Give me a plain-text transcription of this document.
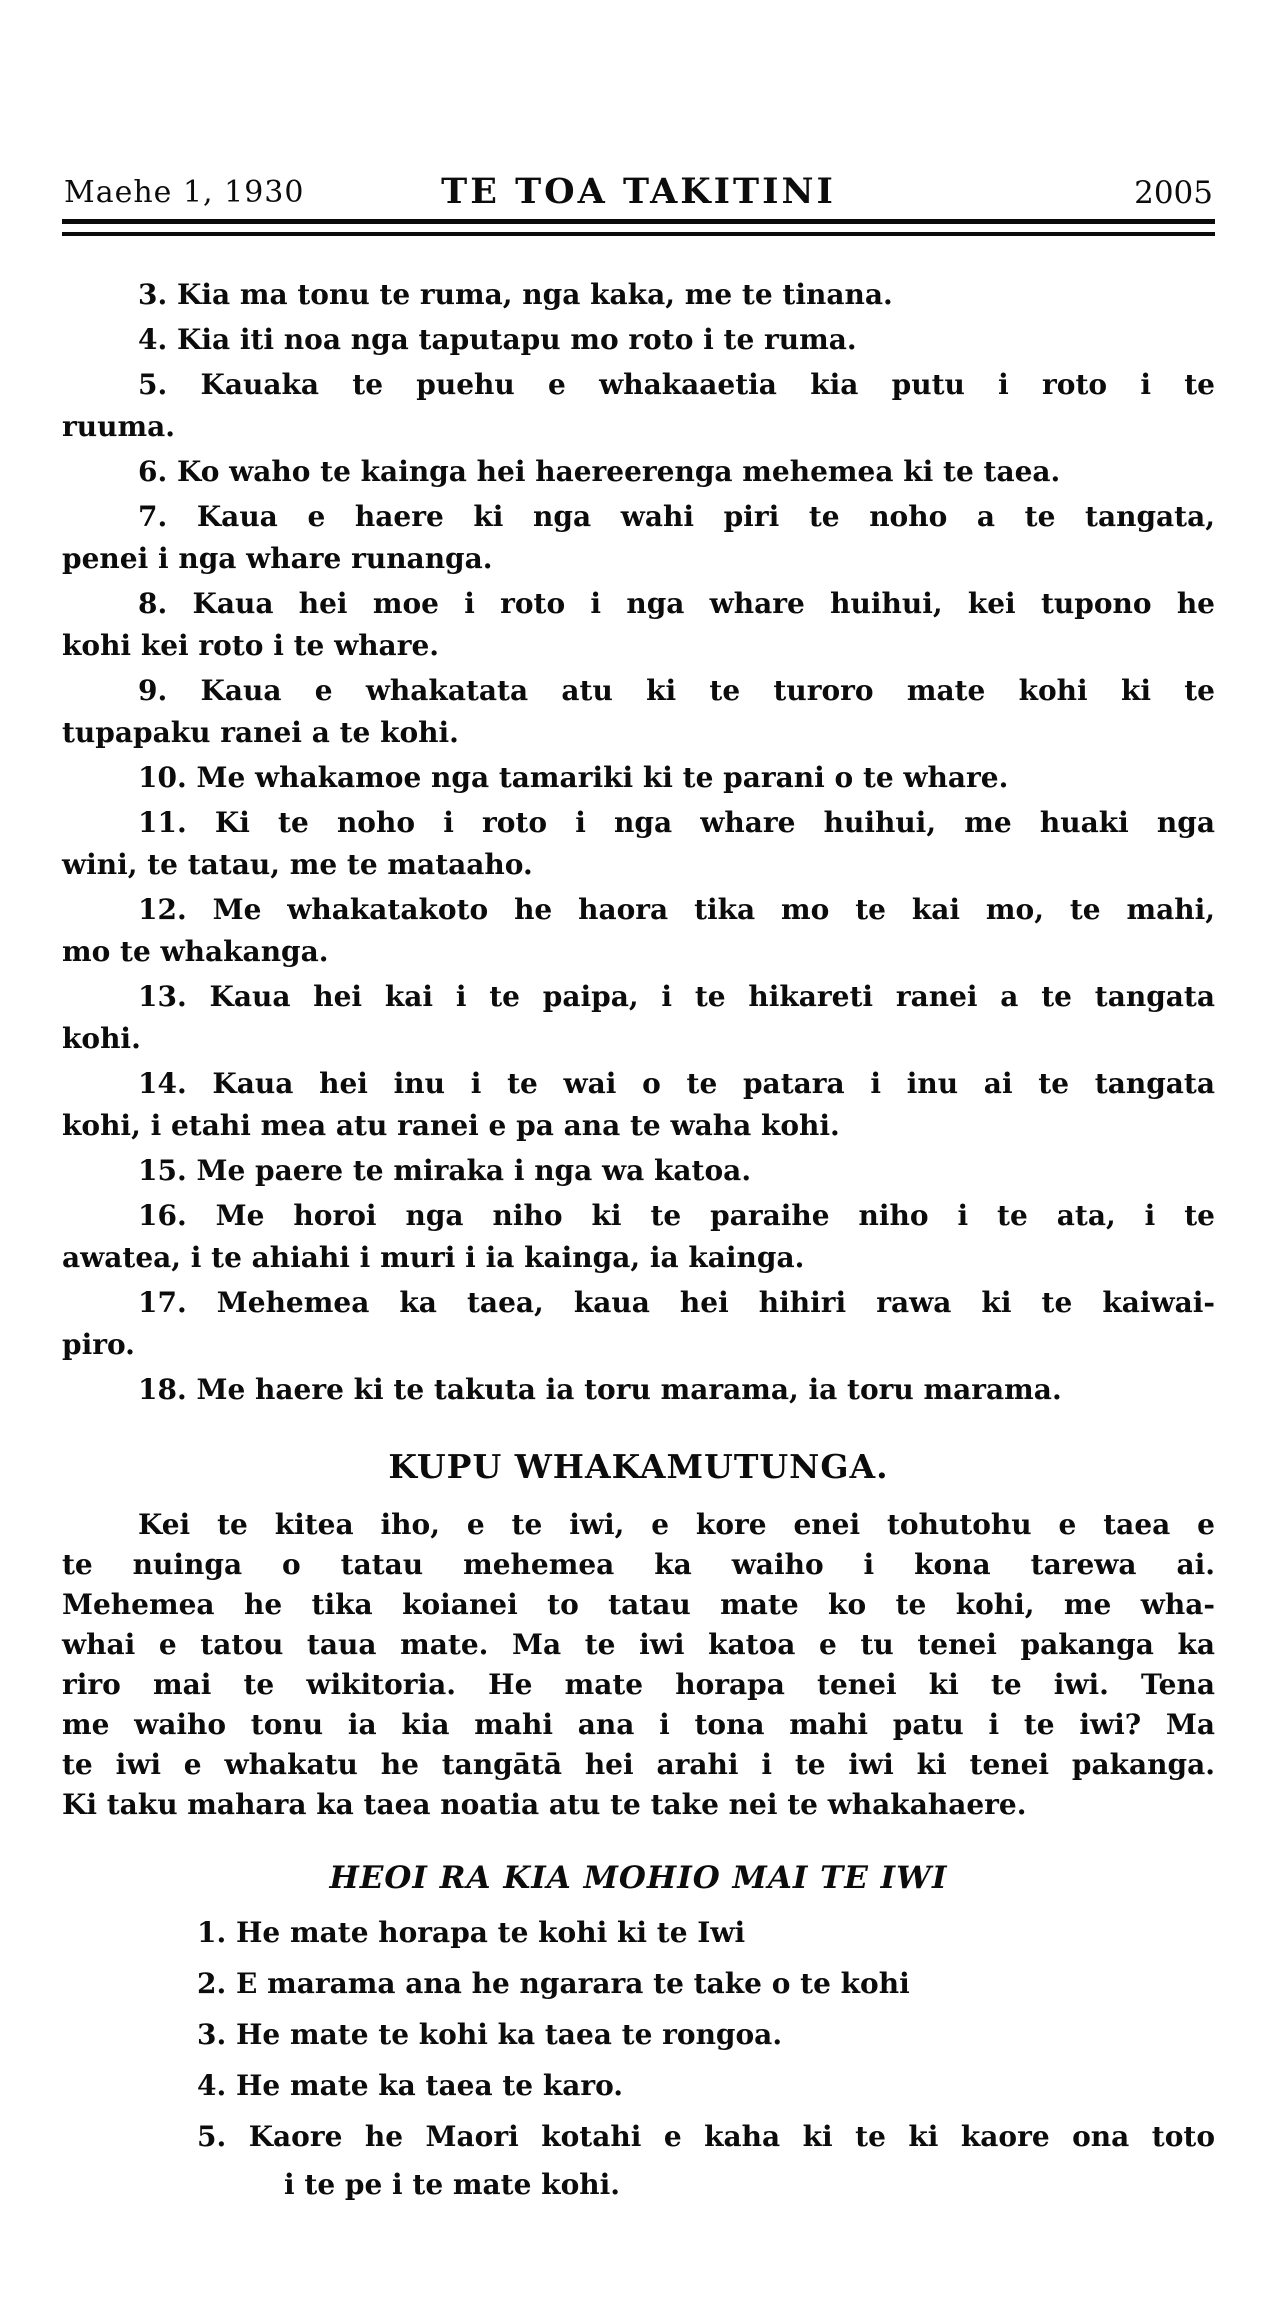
Maehe 1, 1930	TE TOA TAKITINI	2005
3. Kia ma tonu te ruma, nga kaka, me te tinana.
4. Kia iti noa nga taputapu mo roto i te ruma.
5. Kauaka te puehu e whakaaetia kia putu i roto i te
ruuma.
6. Ko waho te kainga hei haereerenga mehemea ki te taea.
7. Kaua e haere ki nga wahi piri te noho a te tangata,
penei i nga whare runanga.
8. Kaua hei moe i roto i nga whare huihui, kei tupono he
kohi kei roto i te whare.
9. Kaua e whakatata atu ki te turoro mate kohi ki te
tupapaku ranei a te kohi.
10. Me whakamoe nga tamariki ki te parani o te whare.
11. Ki te noho i roto i nga whare huihui, me huaki nga
wini, te tatau, me te mataaho.
12. Me whakatakoto he haora tika mo te kai mo, te mahi,
mo te whakanga.
13. Kaua hei kai i te paipa, i te hikareti ranei a te tangata
kohi.
14. Kaua hei inu i te wai o te patara i inu ai te tangata
kohi, i etahi mea atu ranei e pa ana te waha kohi.
15. Me paere te miraka i nga wa katoa.
16. Me horoi nga niho ki te paraihe niho i te ata, i te
awatea, i te ahiahi i muri i ia kainga, ia kainga.
17. Mehemea ka taea, kaua hei hihiri rawa ki te kaiwai-
piro.
18. Me haere ki te takuta ia toru marama, ia toru marama.
KUPU WHAKAMUTUNGA.
Kei te kitea iho, e te iwi, e kore enei tohutohu e taea e
te nuinga o tatau mehemea ka waiho i kona tarewa ai.
Mehemea he tika koianei to tatau mate ko te kohi, me wha-
whai e tatou taua mate. Ma te iwi katoa e tu tenei pakanga ka
riro mai te wikitoria. He mate horapa tenei ki te iwi. Tena
me waiho tonu ia kia mahi ana i tona mahi patu i te iwi? Ma
te iwi e whakatu he tangātā hei arahi i te iwi ki tenei pakanga.
Ki taku mahara ka taea noatia atu te take nei te whakahaere.
HEOI RA KIA MOHIO MAI TE IWI
1. He mate horapa te kohi ki te Iwi
2. E marama ana he ngarara te take o te kohi
3. He mate te kohi ka taea te rongoa.
4. He mate ka taea te karo.
5. Kaore he Maori kotahi e kaha ki te ki kaore ona toto
i te pe i te mate kohi.
